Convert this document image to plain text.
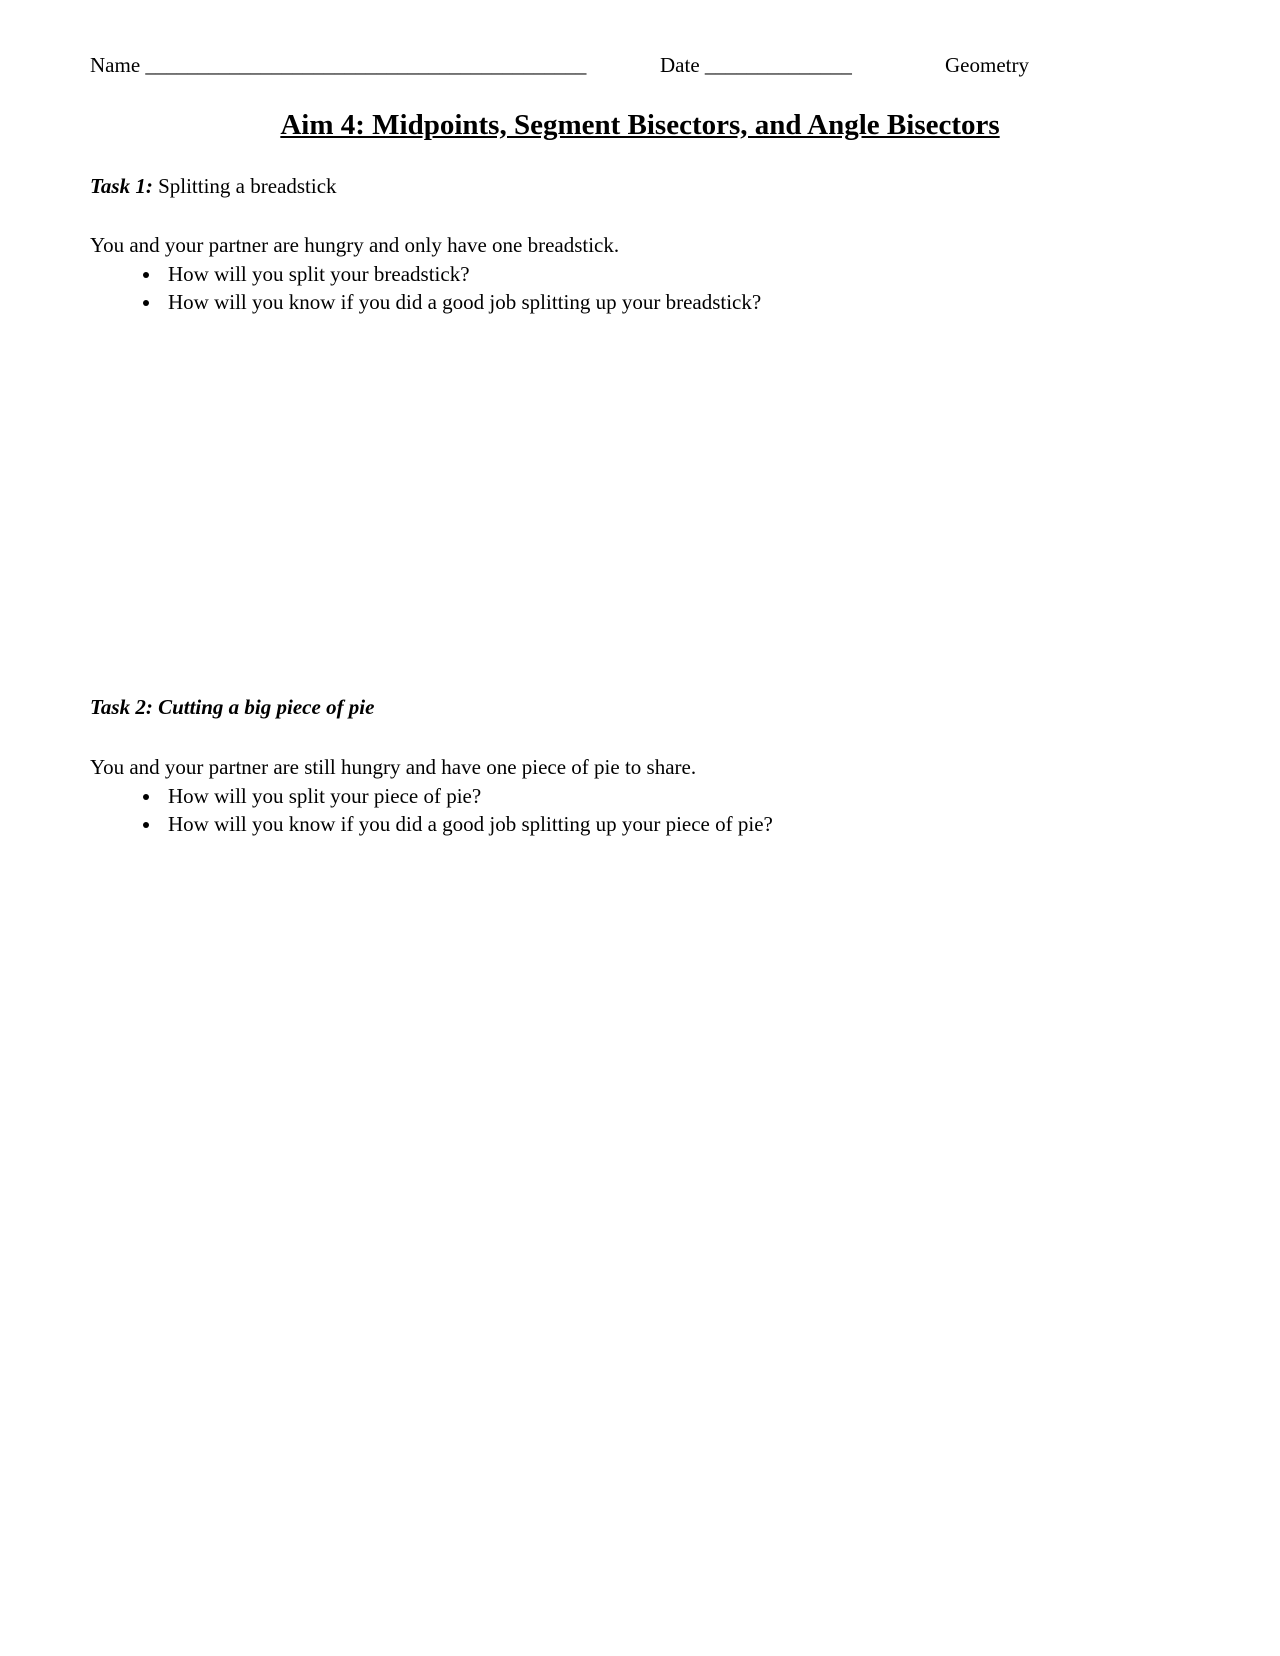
Name __________________________________________	Date ______________	Geometry
Aim 4: Midpoints, Segment Bisectors, and Angle Bisectors
Task 1: Splitting a breadstick
You and your partner are hungry and only have one breadstick.
• How will you split your breadstick?
• How will you know if you did a good job splitting up your breadstick?
Task 2: Cutting a big piece of pie
You and your partner are still hungry and have one piece of pie to share.
• How will you split your piece of pie?
• How will you know if you did a good job splitting up your piece of pie?
